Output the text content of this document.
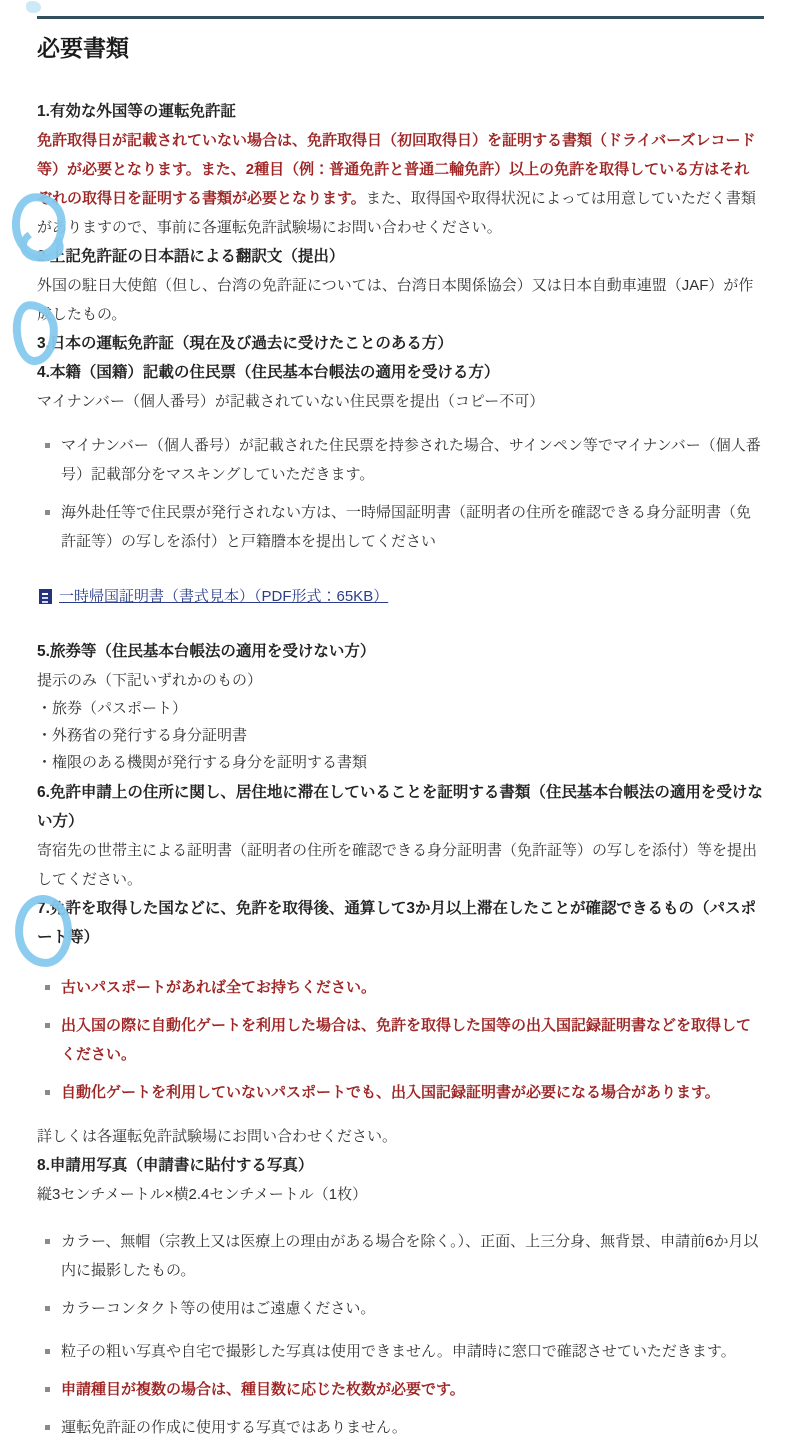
必要書類
1.有効な外国等の運転免許証

免許取得日が記載されていない場合は、免許取得日（初回取得日）を証明する書類（ドライバーズレコード等）が必要となります。また、2種目（例：普通免許と普通二輪免許）以上の免許を取得している方はそれぞれの取得日を証明する書類が必要となります。また、取得国や取得状況によっては用意していただく書類がありますので、事前に各運転免許試験場にお問い合わせください。

2.上記免許証の日本語による翻訳文（提出）

外国の駐日大使館（但し、台湾の免許証については、台湾日本関係協会）又は日本自動車連盟（JAF）が作成したもの。

3.日本の運転免許証（現在及び過去に受けたことのある方）
4.本籍（国籍）記載の住民票（住民基本台帳法の適用を受ける方）

マイナンバー（個人番号）が記載されていない住民票を提出（コピー不可）

マイナンバー（個人番号）が記載された住民票を持参された場合、サインペン等でマイナンバー（個人番号）記載部分をマスキングしていただきます。
海外赴任等で住民票が発行されない方は、一時帰国証明書（証明者の住所を確認できる身分証明書（免許証等）の写しを添付）と戸籍謄本を提出してください
一時帰国証明書（書式見本）（PDF形式：65KB）
5.旅券等（住民基本台帳法の適用を受けない方）

提示のみ（下記いずれかのもの）

・旅券（パスポート）
・外務省の発行する身分証明書
・権限のある機関が発行する身分を証明する書類
6.免許申請上の住所に関し、居住地に滞在していることを証明する書類（住民基本台帳法の適用を受けない方）

寄宿先の世帯主による証明書（証明者の住所を確認できる身分証明書（免許証等）の写しを添付）等を提出してください。

7.免許を取得した国などに、免許を取得後、通算して3か月以上滞在したことが確認できるもの（パスポート等）
古いパスポートがあれば全てお持ちください。
出入国の際に自動化ゲートを利用した場合は、免許を取得した国等の出入国記録証明書などを取得してください。
自動化ゲートを利用していないパスポートでも、出入国記録証明書が必要になる場合があります。

詳しくは各運転免許試験場にお問い合わせください。

8.申請用写真（申請書に貼付する写真）

縦3センチメートル×横2.4センチメートル（1枚）

カラー、無帽（宗教上又は医療上の理由がある場合を除く。）、正面、上三分身、無背景、申請前6か月以内に撮影したもの。
カラーコンタクト等の使用はご遠慮ください。
粒子の粗い写真や自宅で撮影した写真は使用できません。申請時に窓口で確認させていただきます。
申請種目が複数の場合は、種目数に応じた枚数が必要です。
運転免許証の作成に使用する写真ではありません。
